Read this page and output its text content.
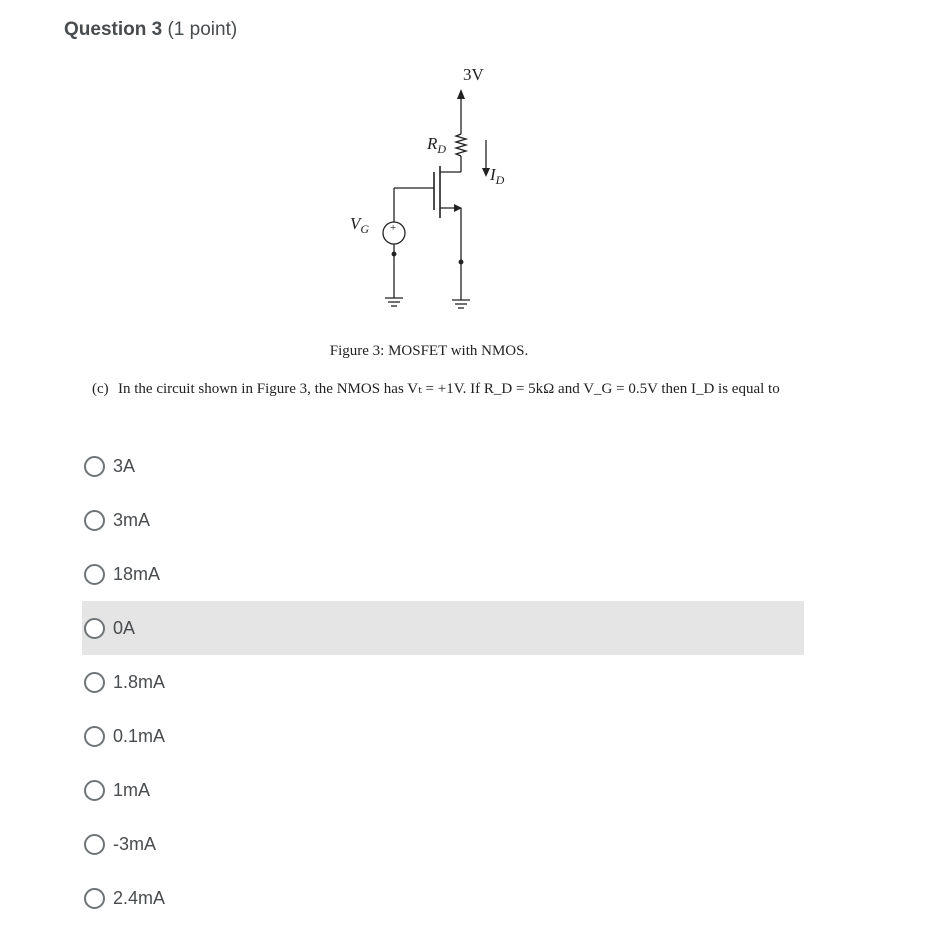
Question 3 (1 point)
3V
$R_D$
$I_D$
$V_G$ +
Figure 3: MOSFET with NMOS.
(c) In the circuit shown in Figure 3, the NMOS has Vₜ = +1V. If R_D = 5kΩ and V_G = 0.5V then I_D is equal to
3A
3mA
18mA
0A
1.8mA
0.1mA
1mA
-3mA
2.4mA
